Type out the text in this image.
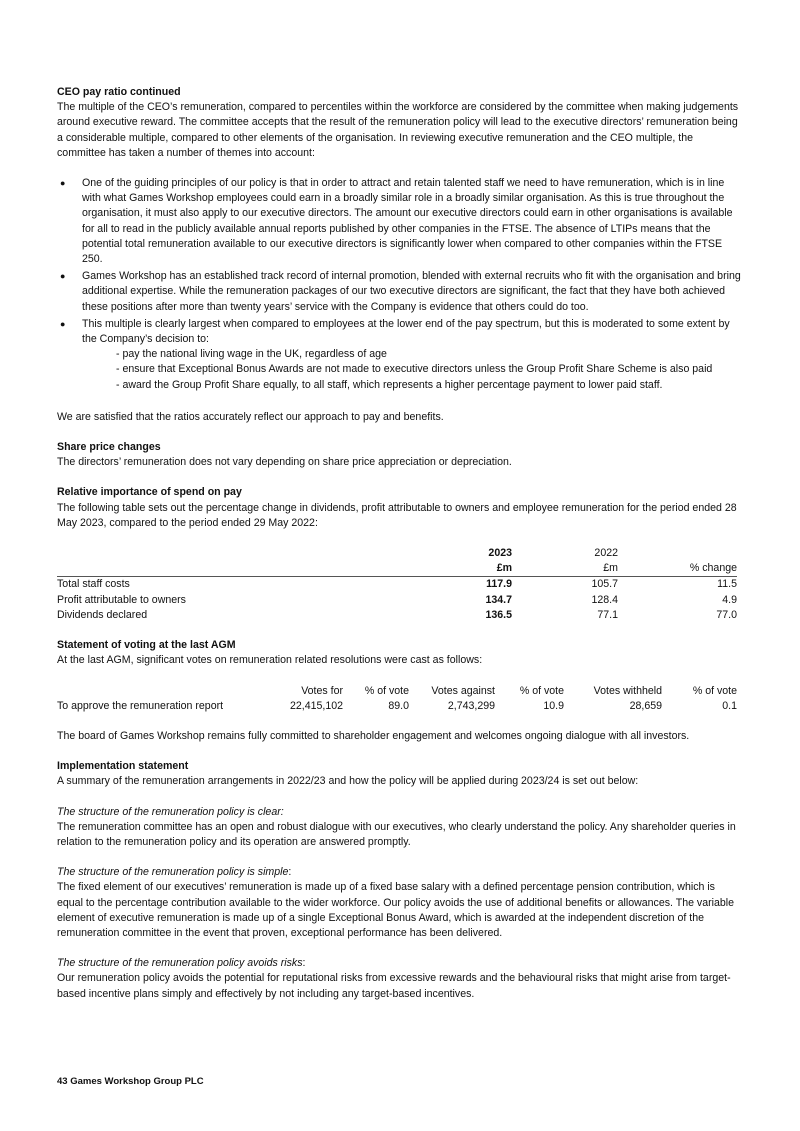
CEO pay ratio continued

The multiple of the CEO’s remuneration, compared to percentiles within the workforce are considered by the committee when making judgements around executive reward. The committee accepts that the result of the remuneration policy will lead to the executive directors’ remuneration being a considerable multiple, compared to other elements of the organisation. In reviewing executive remuneration and the CEO multiple, the committee has taken a number of themes into account:

● One of the guiding principles of our policy is that in order to attract and retain talented staff we need to have remuneration, which is in line with what Games Workshop employees could earn in a broadly similar role in a broadly similar organisation. As this is true throughout the organisation, it must also apply to our executive directors. The amount our executive directors could earn in other organisations is available for all to read in the publicly available annual reports published by other companies in the FTSE. The absence of LTIPs means that the potential total remuneration available to our executive directors is significantly lower when compared to other companies within the FTSE 250.
● Games Workshop has an established track record of internal promotion, blended with external recruits who fit with the organisation and bring additional expertise. While the remuneration packages of our two executive directors are significant, the fact that they have both achieved these positions after more than twenty years’ service with the Company is evidence that others could do too.
● This multiple is clearly largest when compared to employees at the lower end of the pay spectrum, but this is moderated to some extent by the Company’s decision to:
- pay the national living wage in the UK, regardless of age
- ensure that Exceptional Bonus Awards are not made to executive directors unless the Group Profit Share Scheme is also paid
- award the Group Profit Share equally, to all staff, which represents a higher percentage payment to lower paid staff.

We are satisfied that the ratios accurately reflect our approach to pay and benefits.

Share price changes

The directors’ remuneration does not vary depending on share price appreciation or depreciation.

Relative importance of spend on pay

The following table sets out the percentage change in dividends, profit attributable to owners and employee remuneration for the period ended 28 May 2023, compared to the period ended 29 May 2022:

	2023	2022	
	£m	£m	% change
Total staff costs	117.9	105.7	11.5
Profit attributable to owners	134.7	128.4	4.9
Dividends declared	136.5	77.1	77.0

Statement of voting at the last AGM

At the last AGM, significant votes on remuneration related resolutions were cast as follows:

	Votes for	% of vote	Votes against	% of vote	Votes withheld	% of vote
To approve the remuneration report	22,415,102	89.0	2,743,299	10.9	28,659	0.1

The board of Games Workshop remains fully committed to shareholder engagement and welcomes ongoing dialogue with all investors.

Implementation statement

A summary of the remuneration arrangements in 2022/23 and how the policy will be applied during 2023/24 is set out below:

The structure of the remuneration policy is clear:

The remuneration committee has an open and robust dialogue with our executives, who clearly understand the policy. Any shareholder queries in relation to the remuneration policy and its operation are answered promptly.

The structure of the remuneration policy is simple:

The fixed element of our executives’ remuneration is made up of a fixed base salary with a defined percentage pension contribution, which is equal to the percentage contribution available to the wider workforce. Our policy avoids the use of additional benefits or allowances. The variable element of executive remuneration is made up of a single Exceptional Bonus Award, which is awarded at the independent discretion of the remuneration committee in the event that proven, exceptional performance has been delivered.

The structure of the remuneration policy avoids risks:

Our remuneration policy avoids the potential for reputational risks from excessive rewards and the behavioural risks that might arise from target-based incentive plans simply and effectively by not including any target-based incentives.

43 Games Workshop Group PLC
